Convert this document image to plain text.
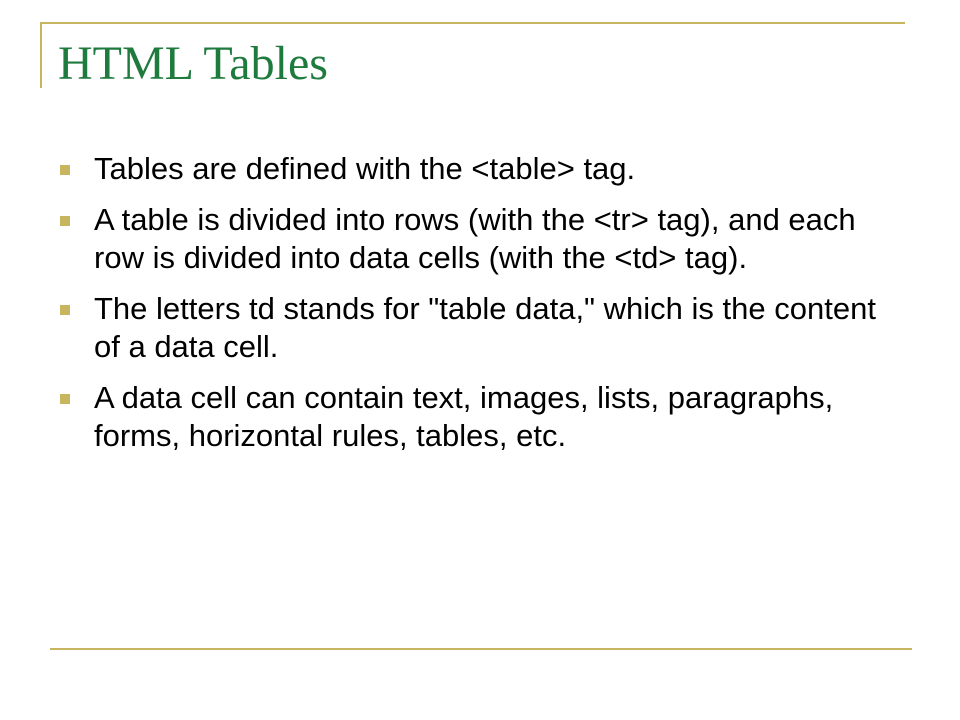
HTML Tables
Tables are defined with the <table> tag.
A table is divided into rows (with the <tr> tag), and each row is divided into data cells (with the <td> tag).
The letters td stands for "table data," which is the content of a data cell.
A data cell can contain text, images, lists, paragraphs, forms, horizontal rules, tables, etc.
